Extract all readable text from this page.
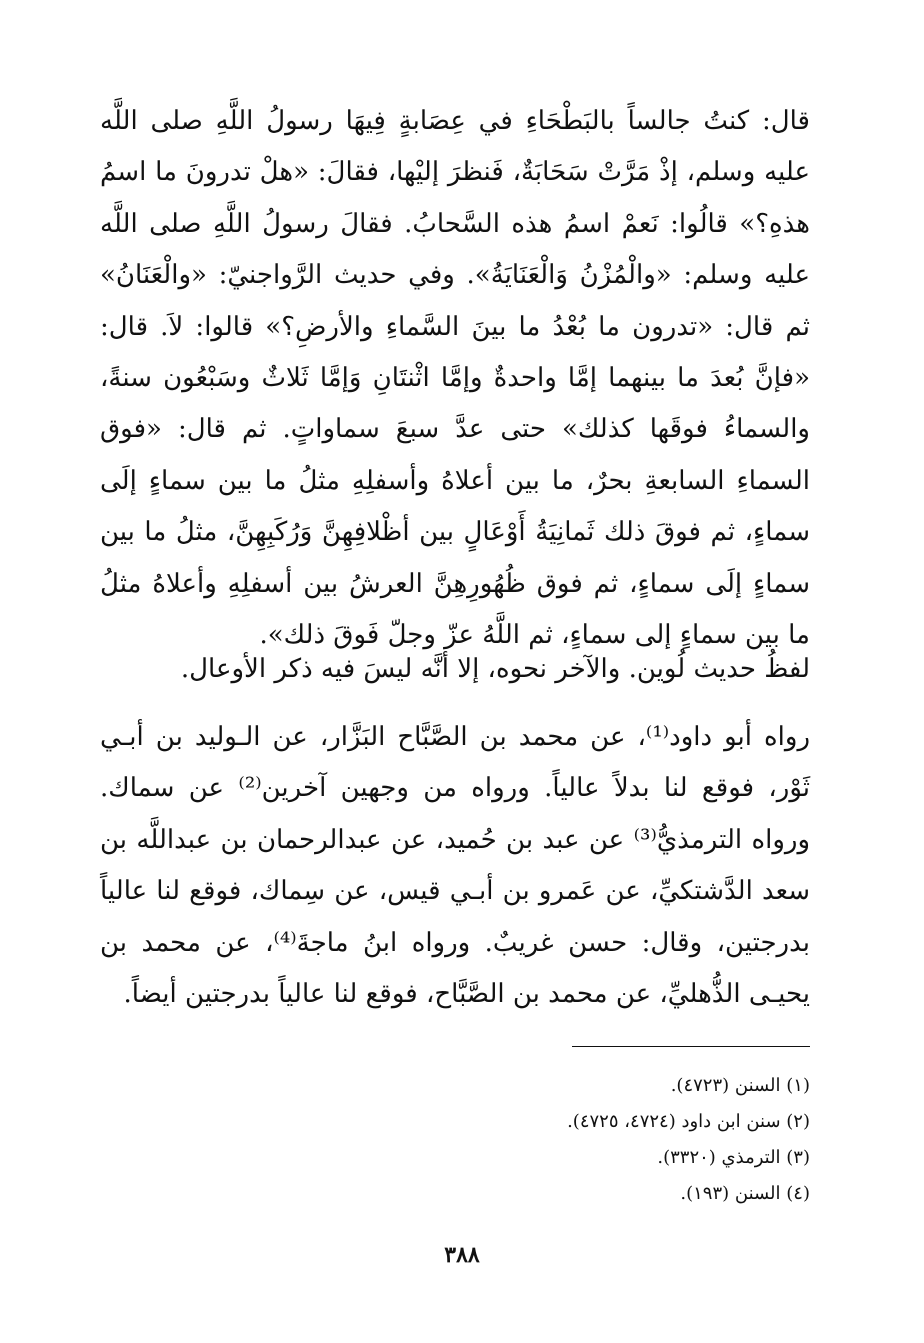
قال: كنتُ جالساً بالبَطْحَاءِ في عِصَابةٍ فِيهَا رسولُ اللَّهِ صلى اللَّه عليه وسلم، إذْ مَرَّتْ سَحَابَةٌ، فَنظرَ إليْها، فقالَ: «هلْ تدرونَ ما اسمُ هذهِ؟» قالُوا: نَعمْ اسمُ هذه السَّحابُ. فقالَ رسولُ اللَّهِ صلى اللَّه عليه وسلم: «والْمُزْنُ وَالْعَنَايَةُ». وفي حديث الرَّواجنيّ: «والْعَنَانُ» ثم قال: «تدرون ما بُعْدُ ما بينَ السَّماءِ والأرضِ؟» قالوا: لاَ. قال: «فإنَّ بُعدَ ما بينهما إمَّا واحدةٌ وإمَّا اثْنتَانِ وَإمَّا ثَلاثٌ وسَبْعُون سنةً، والسماءُ فوقَها كذلك» حتى عدَّ سبعَ سماواتٍ. ثم قال: «فوق السماءِ السابعةِ بحرٌ، ما بين أعلاهُ وأسفلِهِ مثلُ ما بين سماءٍ إلَى سماءٍ، ثم فوقَ ذلك ثَمانِيَةُ أَوْعَالٍ بين أظْلافِهِنَّ وَرُكَبِهِنَّ، مثلُ ما بين سماءٍ إلَى سماءٍ، ثم فوق ظُهُورِهِنَّ العرشُ بين أسفلِهِ وأعلاهُ مثلُ ما بين سماءٍ إلى سماءٍ، ثم اللَّهُ عزّ وجلّ فَوقَ ذلك».

لفظُ حديث لُوين. والآخر نحوه، إلا أنَّه ليسَ فيه ذكر الأوعال.

رواه أبو داود⁽¹⁾، عن محمد بن الصَّبَّاح البَزَّار، عن الـوليد بن أبـي ثَوْر، فوقع لنا بدلاً عالياً. ورواه من وجهين آخرين⁽²⁾ عن سماك. ورواه الترمذيُّ⁽³⁾ عن عبد بن حُميد، عن عبدالرحمان بن عبداللَّه بن سعد الدَّشتكيِّ، عن عَمرو بن أبـي قيس، عن سِماك، فوقع لنا عالياً بدرجتين، وقال: حسن غريبٌ. ورواه ابنُ ماجةَ⁽⁴⁾، عن محمد بن يحيـى الذُّهليِّ، عن محمد بن الصَّبَّاح، فوقع لنا عالياً بدرجتين أيضاً.

(١) السنن (٤٧٢٣).
(٢) سنن ابن داود (٤٧٢٤، ٤٧٢٥).
(٣) الترمذي (٣٣٢٠).
(٤) السنن (١٩٣).
٣٨٨
